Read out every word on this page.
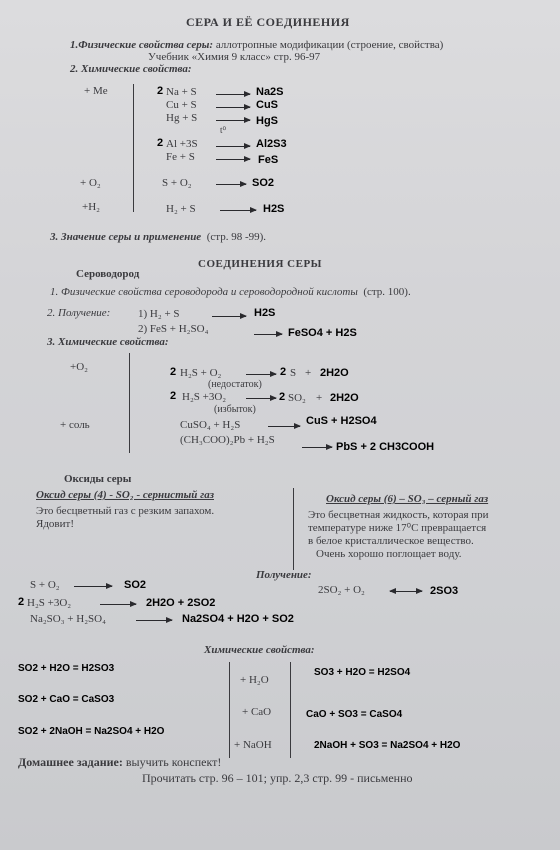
СЕРА И ЕЁ СОЕДИНЕНИЯ
1.Физические свойства серы: аллотропные модификации (строение, свойства)
Учебник «Химия 9 класс» стр. 96-97
2. Химические свойства:
+ Me
+ O₂
+H₂
2 Na + S → Na2S
Cu + S → CuS
Hg + S → HgS
t⁰
2 Al +3S → Al2S3
Fe + S → FeS
S + O₂ → SO2
H₂ + S → H2S
3. Значение серы и применение (стр. 98 -99).
СОЕДИНЕНИЯ СЕРЫ
Сероводород
1. Физические свойства сероводорода и сероводородной кислоты (стр. 100).
2. Получение:	1) H₂ + S → H2S
2) FeS + H₂SO₄	→ FeSO4 + H2S
3. Химические свойства:
+O₂
+ соль
2 H₂S + O₂ → 2 S + 2H2O
(недостаток)
2 H₂S +3O₂ → 2 SO₂ + 2H2O
(избыток)
CuSO₄ + H₂S → CuS + H2SO4
(CH₃COO)₂Pb + H₂S
→ PbS + 2 CH3COOH
Оксиды серы
Оксид серы (4) - SO₂ - сернистый газ
Это бесцветный газ с резким запахом.
Ядовит!
Оксид серы (6) – SO₃ – серный газ
Это бесцветная жидкость, которая при
температуре ниже 17⁰С превращается
в белое кристаллическое вещество.
Очень хорошо поглощает воду.
Получение:
S + O₂ → SO2
2 H₂S +3O₂ → 2H2O + 2SO2
Na₂SO₃ + H₂SO₄ → Na2SO4 + H2O + SO2
2SO₂ + O₂	2SO3
Химические свойства:
+ H₂O
+ CaO
+ NaOH
SO2 + H2O = H2SO3
SO2 + CaO = CaSO3
SO2 + 2NaOH = Na2SO4 + H2O
SO3 + H2O = H2SO4
CaO + SO3 = CaSO4
2NaOH + SO3 = Na2SO4 + H2O
Домашнее задание: выучить конспект!
Прочитать стр. 96 – 101; упр. 2,3 стр. 99 - письменно
